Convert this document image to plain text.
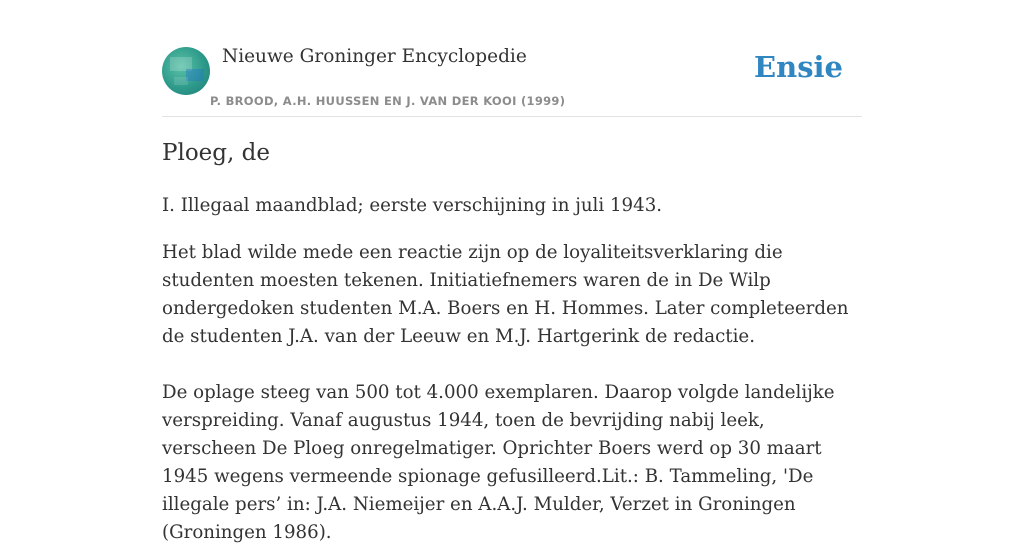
Nieuwe Groninger Encyclopedie
P. BROOD, A.H. HUUSSEN EN J. VAN DER KOOI (1999)
Ensie
Ploeg, de

I. Illegaal maandblad; eerste verschijning in juli 1943.

Het blad wilde mede een reactie zijn op de loyaliteitsverklaring die studenten moesten tekenen. Initiatiefnemers waren de in De Wilp ondergedoken studenten M.A. Boers en H. Hommes. Later completeerden de studenten J.A. van der Leeuw en M.J. Hartgerink de redactie.

De oplage steeg van 500 tot 4.000 exemplaren. Daarop volgde landelijke verspreiding. Vanaf augustus 1944, toen de bevrijding nabij leek, verscheen De Ploeg onregelmatiger. Oprichter Boers werd op 30 maart 1945 wegens vermeende spionage gefusilleerd.Lit.: B. Tammeling, 'De illegale pers’ in: J.A. Niemeijer en A.A.J. Mulder, Verzet in Groningen (Groningen 1986).
